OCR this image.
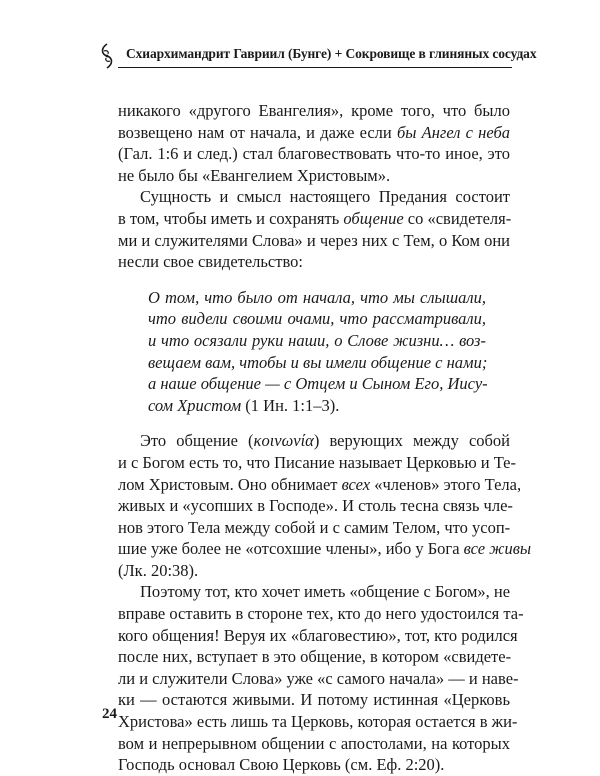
Схиархимандрит Гавриил (Бунге) + Сокровище в глиняных сосудах
никакого «другого Евангелия», кроме того, что было
возвещено нам от начала, и даже если бы Ангел с неба
(Гал. 1:6 и след.) стал благовествовать что-то иное, это
не было бы «Евангелием Христовым».
Сущность и смысл настоящего Предания состоит
в том, чтобы иметь и сохранять общение со «свидетеля-
ми и служителями Слова» и через них с Тем, о Ком они
несли свое свидетельство:
О том, что было от начала, что мы слышали,
что видели своими очами, что рассматривали,
и что осязали руки наши, о Слове жизни… воз-
вещаем вам, чтобы и вы имели общение с нами;
а наше общение — с Отцем и Сыном Его, Иису-
сом Христом (1 Ин. 1:1–3).
Это общение (κοινωνία) верующих между собой
и с Богом есть то, что Писание называет Церковью и Те-
лом Христовым. Оно обнимает всех «членов» этого Тела,
живых и «усопших в Господе». И столь тесна связь чле-
нов этого Тела между собой и с самим Телом, что усоп-
шие уже более не «отсохшие члены», ибо у Бога все живы
(Лк. 20:38).
Поэтому тот, кто хочет иметь «общение с Богом», не
вправе оставить в стороне тех, кто до него удостоился та-
кого общения! Веруя их «благовестию», тот, кто родился
после них, вступает в это общение, в котором «свидете-
ли и служители Слова» уже «с самого начала» — и наве-
ки — остаются живыми. И потому истинная «Церковь
Христова» есть лишь та Церковь, которая остается в жи-
вом и непрерывном общении с апостолами, на которых
Господь основал Свою Церковь (см. Еф. 2:20).
24
